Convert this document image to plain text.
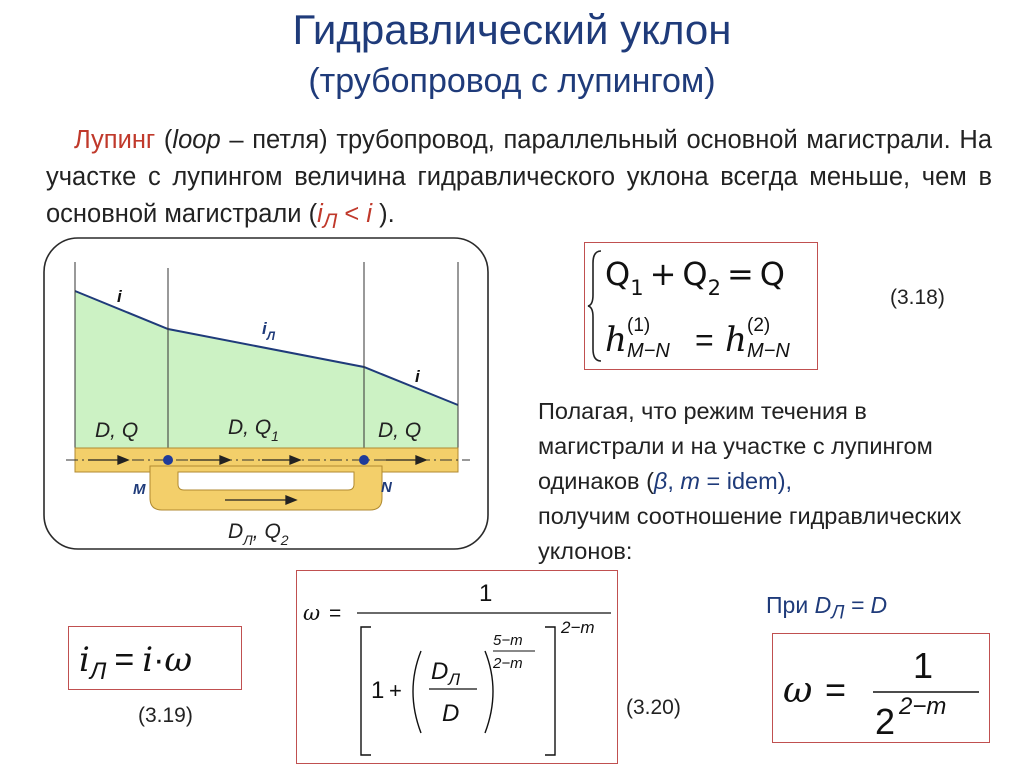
Гидравлический уклон
(трубопровод с лупингом)
Лупинг (loop – петля) трубопровод, параллельный основной магистрали. На участке с лупингом величина гидравлического уклона всегда меньше, чем в основной магистрали ($i_Л < i$ ).
i
$i_Л$
i
D, Q	D, $Q_1$	D, Q
M	N
$D_Л$, $Q_2$
$Q_1 + Q_2 = Q$
h (1)
M−N = h (2)
M−N
(3.18)
Полагая, что режим течения в магистрали и на участке с лупингом одинаков (β, m = idem),
получим соотношение гидравлических уклонов:
$i_Л = i\cdot\omega$
(3.19)
ω =
1
2−m
1 +
$D_Л$
D
5−m
2−m
(3.20)
При $D_Л = D$
ω =
1
2 2−m
